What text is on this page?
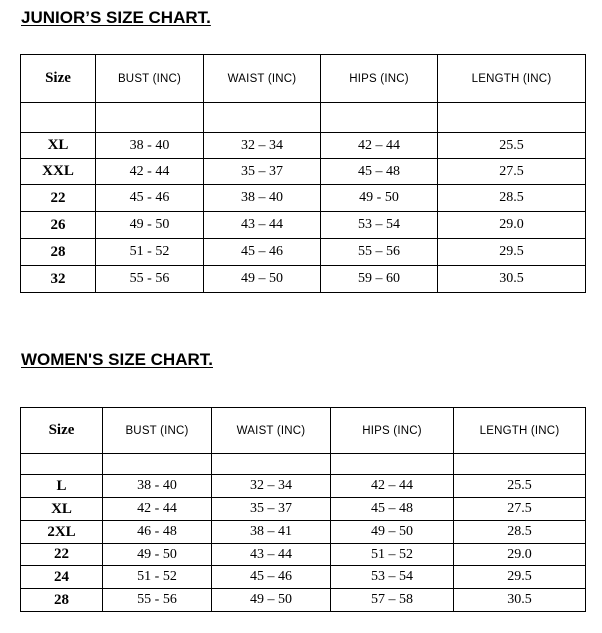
JUNIOR’S SIZE CHART.
Size	BUST (INC)	WAIST (INC)	HIPS (INC)	LENGTH (INC)

XL	38 - 40	32 – 34	42 – 44	25.5
XXL	42 - 44	35 – 37	45 – 48	27.5
22	45 - 46	38 – 40	49 - 50	28.5
26	49 - 50	43 – 44	53 – 54	29.0
28	51 - 52	45 – 46	55 – 56	29.5
32	55 - 56	49 – 50	59 – 60	30.5
WOMEN'S SIZE CHART.
Size	BUST (INC)	WAIST (INC)	HIPS (INC)	LENGTH (INC)

L	38 - 40	32 – 34	42 – 44	25.5
XL	42 - 44	35 – 37	45 – 48	27.5
2XL	46 - 48	38 – 41	49 – 50	28.5
22	49 - 50	43 – 44	51 – 52	29.0
24	51 - 52	45 – 46	53 – 54	29.5
28	55 - 56	49 – 50	57 – 58	30.5
